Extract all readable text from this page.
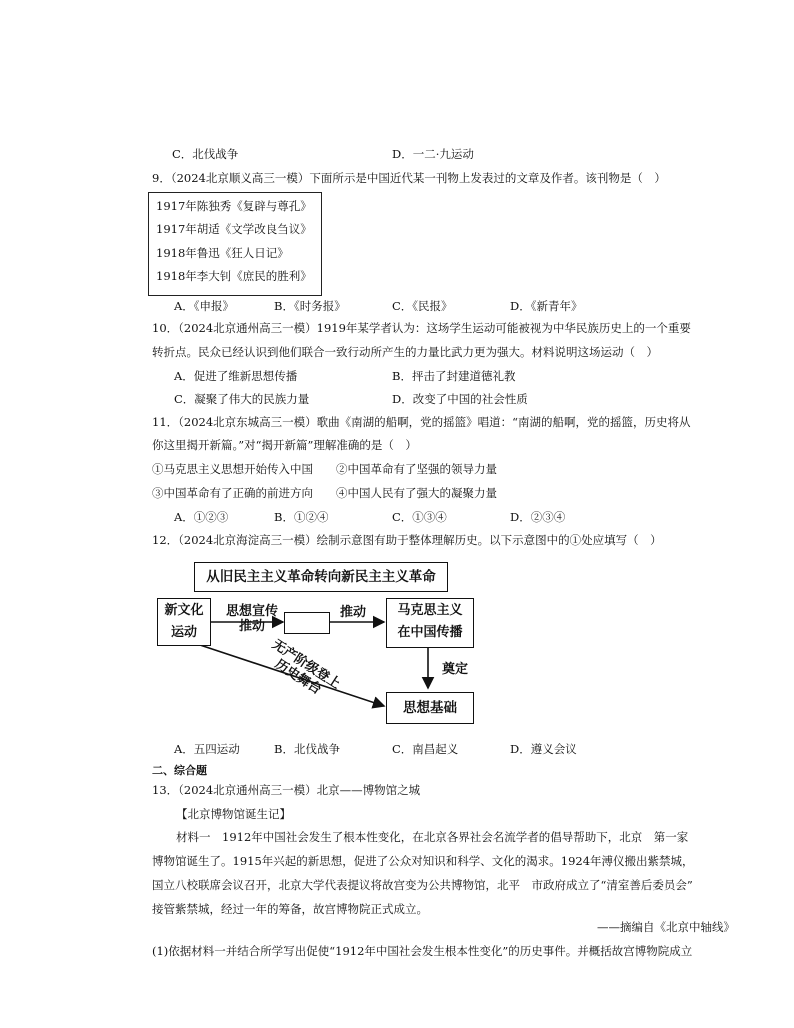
C．北伐战争	D．一二·九运动
9．（2024北京顺义高三一模）下面所示是中国近代某一刊物上发表过的文章及作者。该刊物是（　）
1917年陈独秀《复辟与尊孔》
1917年胡适《文学改良刍议》
1918年鲁迅《狂人日记》
1918年李大钊《庶民的胜利》
A．《申报》	B．《时务报》	C．《民报》	D．《新青年》
10．（2024北京通州高三一模）1919年某学者认为：这场学生运动可能被视为中华民族历史上的一个重要
转折点。民众已经认识到他们联合一致行动所产生的力量比武力更为强大。材料说明这场运动（　）
A．促进了维新思想传播	B．抨击了封建道德礼教
C．凝聚了伟大的民族力量	D．改变了中国的社会性质
11．（2024北京东城高三一模）歌曲《南湖的船啊，党的摇篮》唱道：“南湖的船啊，党的摇篮，历史将从
你这里揭开新篇。”对“揭开新篇”理解准确的是（　）
①马克思主义思想开始传入中国 ②中国革命有了坚强的领导力量
③中国革命有了正确的前进方向 ④中国人民有了强大的凝聚力量
A．①②③	B．①②④	C．①③④	D．②③④
12．（2024北京海淀高三一模）绘制示意图有助于整体理解历史。以下示意图中的①处应填写（　）
从旧民主主义革命转向新民主主义革命
新文化运动
思想宣传推动
推动 马克思主义在中国传播
奠定
无产阶级登上历史舞台
思想基础
A．五四运动	B．北伐战争	C．南昌起义	D．遵义会议
二、综合题
13．（2024北京通州高三一模）北京——博物馆之城
【北京博物馆诞生记】
材料一　1912年中国社会发生了根本性变化，在北京各界社会名流学者的倡导帮助下，北京　第一家
博物馆诞生了。1915年兴起的新思想，促进了公众对知识和科学、文化的渴求。1924年溥仪搬出紫禁城，
国立八校联席会议召开，北京大学代表提议将故宫变为公共博物馆，北平　市政府成立了“清室善后委员会”
接管紫禁城，经过一年的筹备，故宫博物院正式成立。
——摘编自《北京中轴线》
(1)依据材料一并结合所学写出促使“1912年中国社会发生根本性变化”的历史事件。并概括故宫博物院成立
